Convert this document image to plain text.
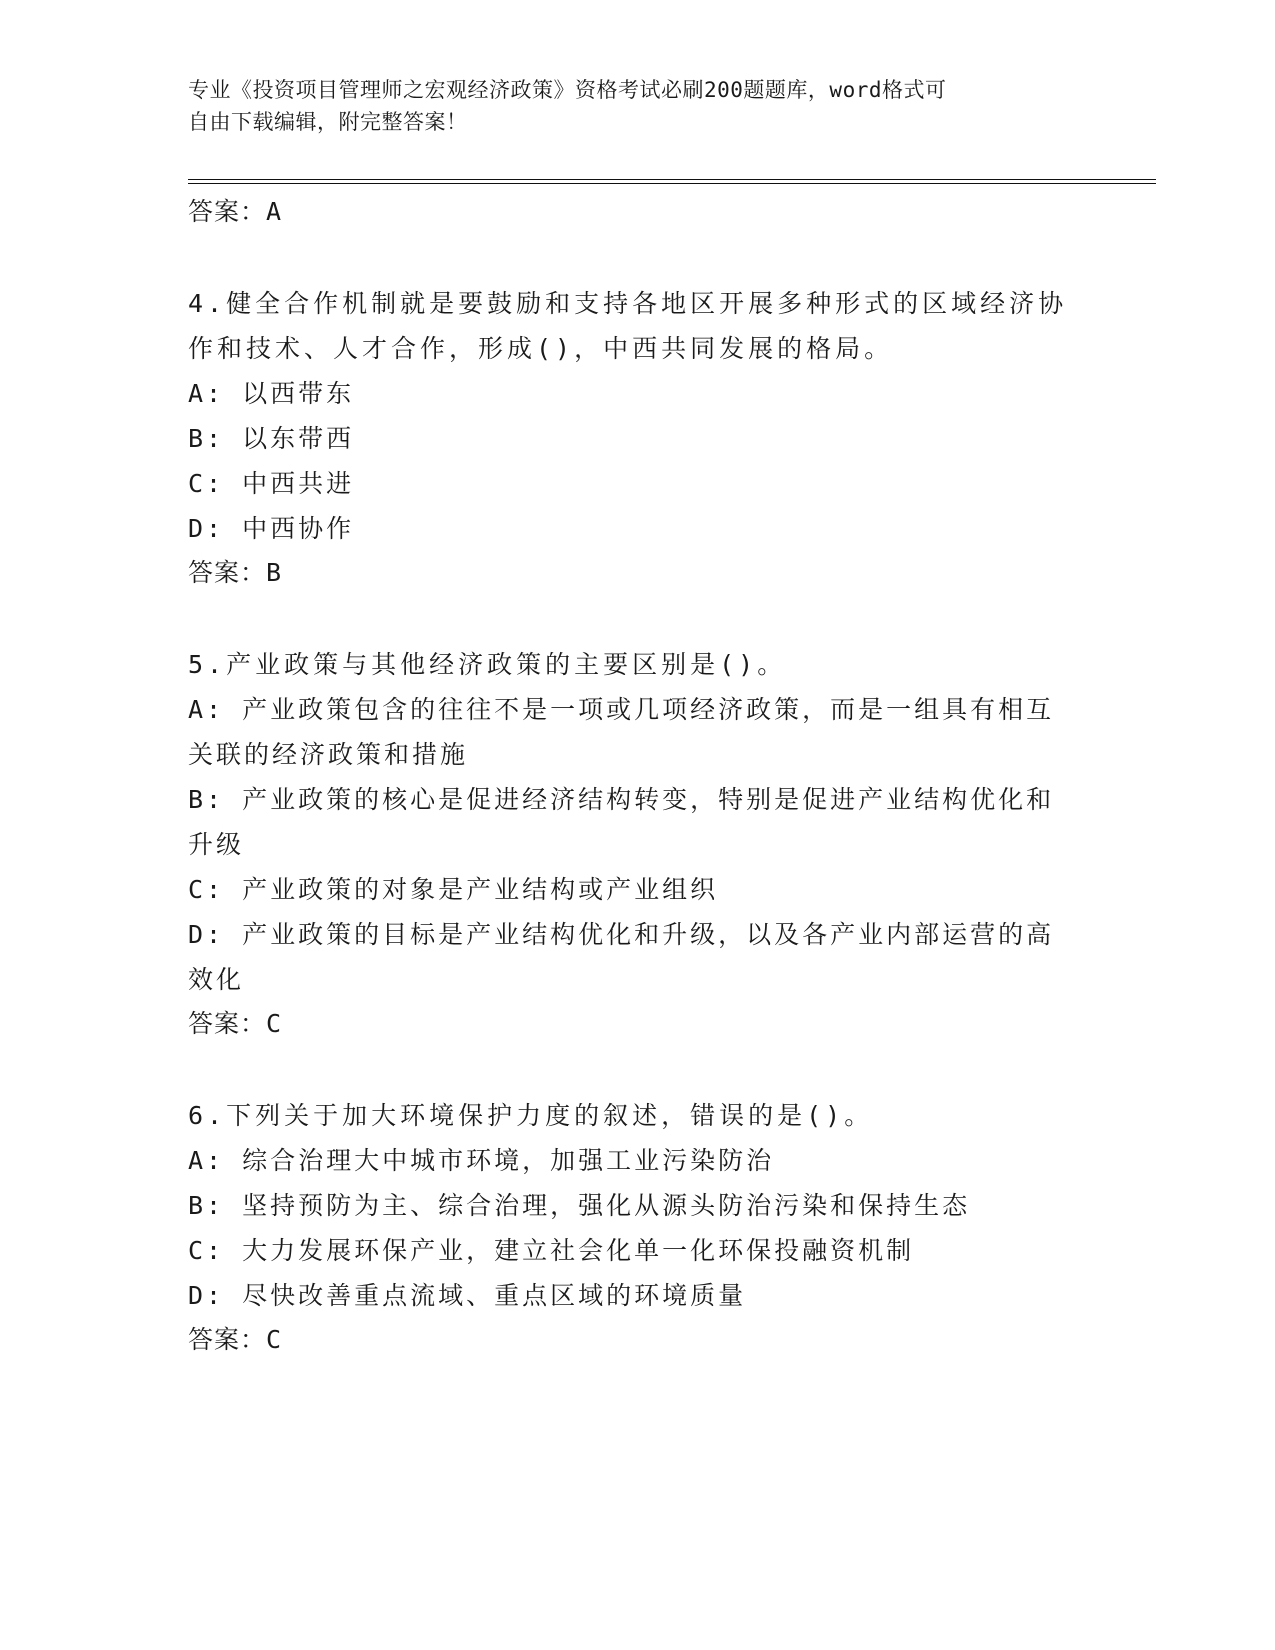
专业《投资项目管理师之宏观经济政策》资格考试必刷200题题库，word格式可
自由下载编辑，附完整答案！
答案：A
4.健全合作机制就是要鼓励和支持各地区开展多种形式的区域经济协
作和技术、人才合作，形成()，中西共同发展的格局。
A: 以西带东
B: 以东带西
C: 中西共进
D: 中西协作
答案：B
5.产业政策与其他经济政策的主要区别是()。
A: 产业政策包含的往往不是一项或几项经济政策，而是一组具有相互
关联的经济政策和措施
B: 产业政策的核心是促进经济结构转变，特别是促进产业结构优化和
升级
C: 产业政策的对象是产业结构或产业组织
D: 产业政策的目标是产业结构优化和升级，以及各产业内部运营的高
效化
答案：C
6.下列关于加大环境保护力度的叙述，错误的是()。
A: 综合治理大中城市环境，加强工业污染防治
B: 坚持预防为主、综合治理，强化从源头防治污染和保持生态
C: 大力发展环保产业，建立社会化单一化环保投融资机制
D: 尽快改善重点流域、重点区域的环境质量
答案：C
